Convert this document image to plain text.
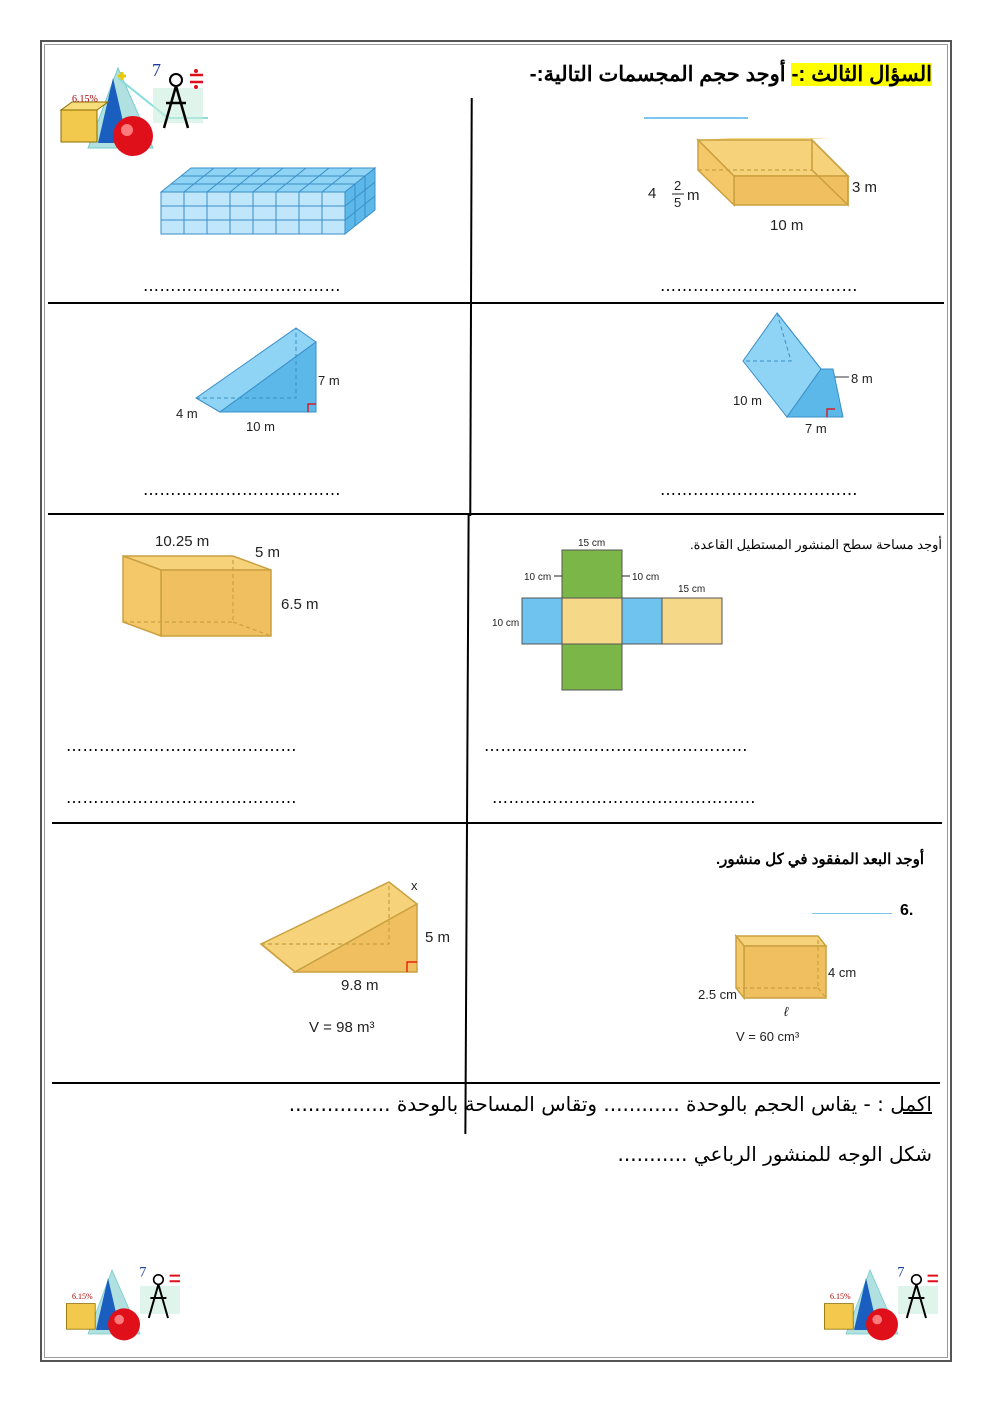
السؤال الثالث :- أوجد حجم المجسمات التالية:-
7
6.15%
4 2
5 m	3 m
10 m
………………………………
………………………………
7 m
4 m
10 m
8 m
10 m
7 m
………………………………
………………………………
أوجد مساحة سطح المنشور المستطيل القاعدة.
15 cm
10 cm	10 cm
15 cm
10 cm
10.25 m
5 m
6.5 m
……………………………………
……………………………………
…………………………………………
…………………………………………
أوجد البعد المفقود في كل منشور.
6.
4 cm
2.5 cm
ℓ
V = 60 cm³
x
5 m
9.8 m
V = 98 m³
اكمل : - يقاس الحجم بالوحدة ............ وتقاس المساحة بالوحدة ................
شكل الوجه للمنشور الرباعي ...........
7
6.15%
7
6.15%
